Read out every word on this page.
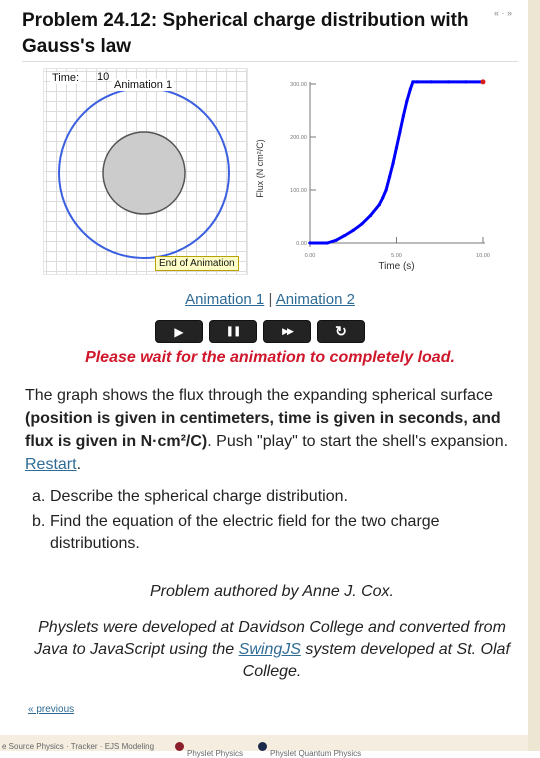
« · »
Problem 24.12: Spherical charge distribution with Gauss's law
Time: 10
Animation 1
End of Animation
0.00
100.00
200.00
300.00
0.00	5.00	10.00
Time (s)
Flux (N cm²/C)
Animation 1 | Animation 2
▶	❚❚	▶▶	↻
Please wait for the animation to completely load.
The graph shows the flux through the expanding spherical surface (position is given in centimeters, time is given in seconds, and flux is given in N·cm²/C). Push "play" to start the shell's expansion. Restart.
a. Describe the spherical charge distribution.
b. Find the equation of the electric field for the two charge distributions.
Problem authored by Anne J. Cox.
Physlets were developed at Davidson College and converted from Java to JavaScript using the SwingJS system developed at St. Olaf College.
« previous
e Source Physics · Tracker · EJS Modeling
Physlet Physics	Physlet Quantum Physics
